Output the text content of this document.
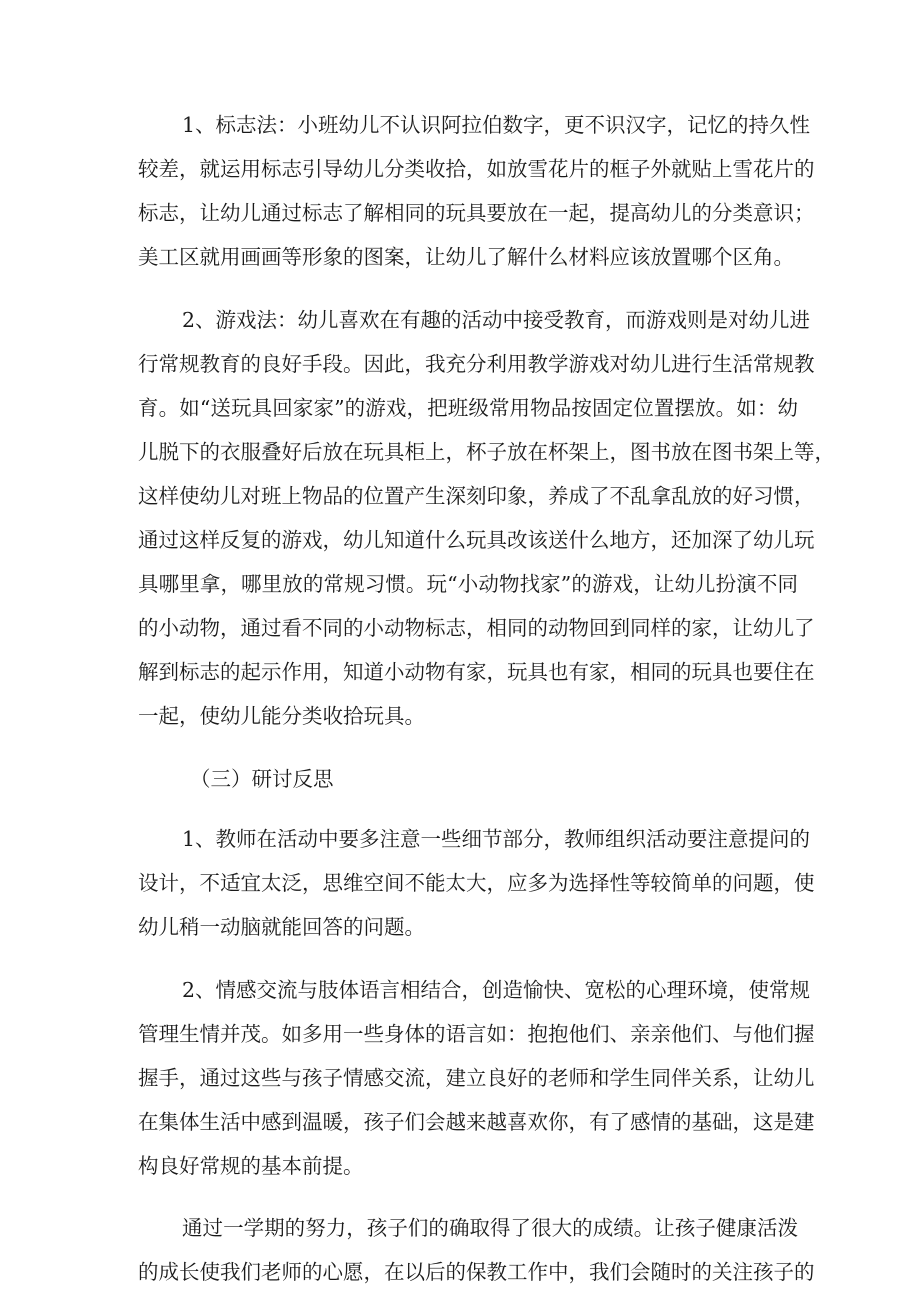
1、标志法：小班幼儿不认识阿拉伯数字，更不识汉字，记忆的持久性
较差，就运用标志引导幼儿分类收拾，如放雪花片的框子外就贴上雪花片的
标志，让幼儿通过标志了解相同的玩具要放在一起，提高幼儿的分类意识；
美工区就用画画等形象的图案，让幼儿了解什么材料应该放置哪个区角。
2、游戏法：幼儿喜欢在有趣的活动中接受教育，而游戏则是对幼儿进
行常规教育的良好手段。因此，我充分利用教学游戏对幼儿进行生活常规教
育。如“送玩具回家家”的游戏，把班级常用物品按固定位置摆放。如：幼
儿脱下的衣服叠好后放在玩具柜上，杯子放在杯架上，图书放在图书架上等，
这样使幼儿对班上物品的位置产生深刻印象，养成了不乱拿乱放的好习惯，
通过这样反复的游戏，幼儿知道什么玩具改该送什么地方，还加深了幼儿玩
具哪里拿，哪里放的常规习惯。玩“小动物找家”的游戏，让幼儿扮演不同
的小动物，通过看不同的小动物标志，相同的动物回到同样的家，让幼儿了
解到标志的起示作用，知道小动物有家，玩具也有家，相同的玩具也要住在
一起，使幼儿能分类收拾玩具。
（三）研讨反思
1、教师在活动中要多注意一些细节部分，教师组织活动要注意提问的
设计，不适宜太泛，思维空间不能太大，应多为选择性等较简单的问题，使
幼儿稍一动脑就能回答的问题。
2、情感交流与肢体语言相结合，创造愉快、宽松的心理环境，使常规
管理生情并茂。如多用一些身体的语言如：抱抱他们、亲亲他们、与他们握
握手，通过这些与孩子情感交流，建立良好的老师和学生同伴关系，让幼儿
在集体生活中感到温暖，孩子们会越来越喜欢你，有了感情的基础，这是建
构良好常规的基本前提。
通过一学期的努力，孩子们的确取得了很大的成绩。让孩子健康活泼
的成长使我们老师的心愿，在以后的保教工作中，我们会随时的关注孩子的
